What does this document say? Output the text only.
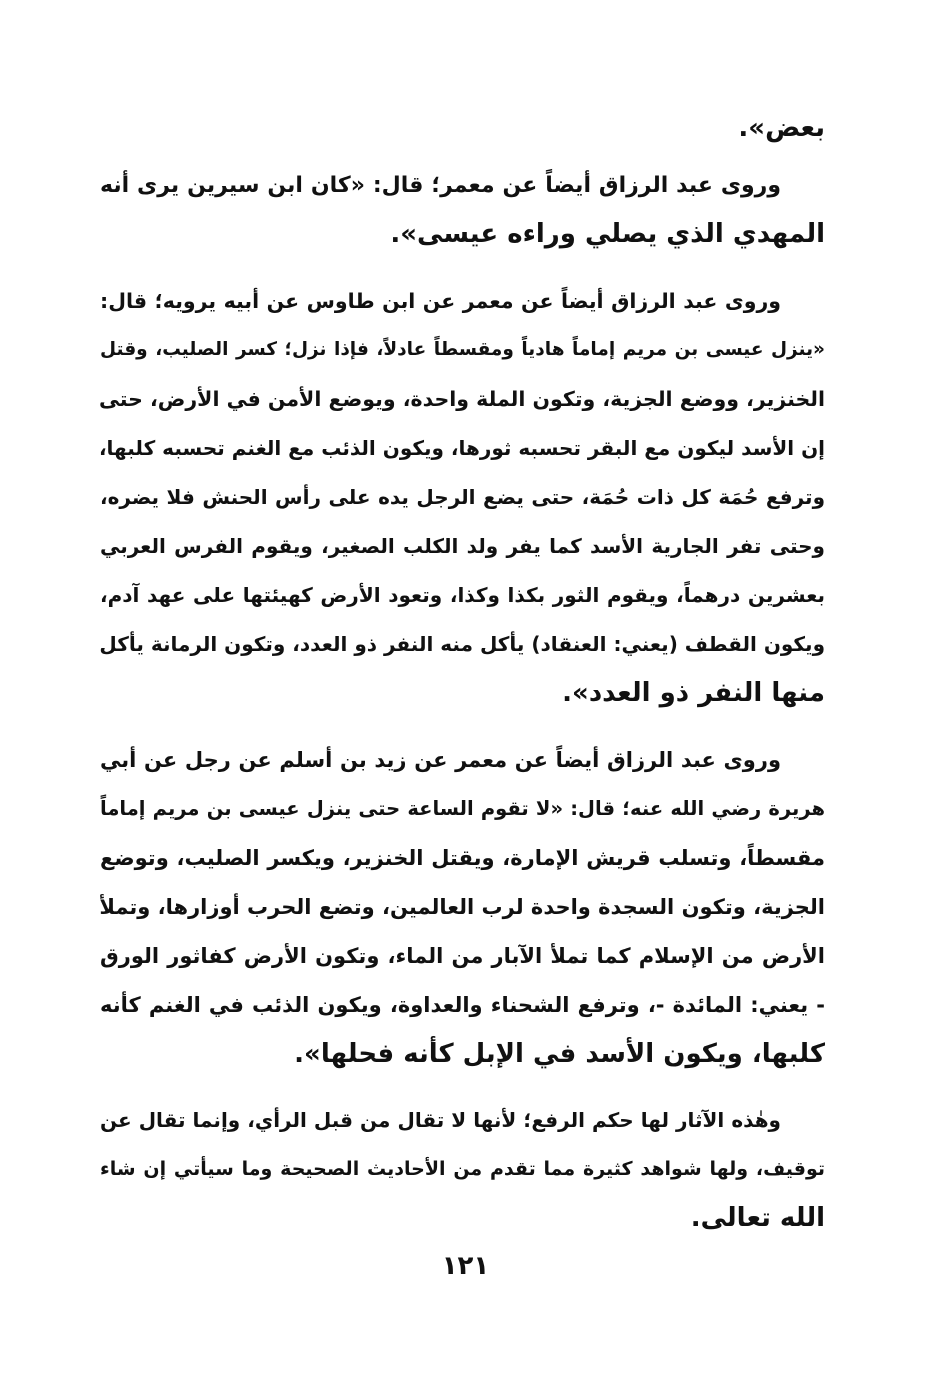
بعض».
وروى عبد الرزاق أيضاً عن معمر؛ قال: «كان ابن سيرين يرى أنه
المهدي الذي يصلي وراءه عيسى».
وروى عبد الرزاق أيضاً عن معمر عن ابن طاوس عن أبيه يرويه؛ قال:
«ينزل عيسى بن مريم إماماً هادياً ومقسطاً عادلاً، فإذا نزل؛ كسر الصليب، وقتل
الخنزير، ووضع الجزية، وتكون الملة واحدة، ويوضع الأمن في الأرض، حتى
إن الأسد ليكون مع البقر تحسبه ثورها، ويكون الذئب مع الغنم تحسبه كلبها،
وترفع حُمَة كل ذات حُمَة، حتى يضع الرجل يده على رأس الحنش فلا يضره،
وحتى تفر الجارية الأسد كما يفر ولد الكلب الصغير، ويقوم الفرس العربي
بعشرين درهماً، ويقوم الثور بكذا وكذا، وتعود الأرض كهيئتها على عهد آدم،
ويكون القطف (يعني: العنقاد) يأكل منه النفر ذو العدد، وتكون الرمانة يأكل
منها النفر ذو العدد».
وروى عبد الرزاق أيضاً عن معمر عن زيد بن أسلم عن رجل عن أبي
هريرة رضي الله عنه؛ قال: «لا تقوم الساعة حتى ينزل عيسى بن مريم إماماً
مقسطاً، وتسلب قريش الإمارة، ويقتل الخنزير، ويكسر الصليب، وتوضع
الجزية، وتكون السجدة واحدة لرب العالمين، وتضع الحرب أوزارها، وتملأ
الأرض من الإسلام كما تملأ الآبار من الماء، وتكون الأرض كفاثور الورق
- يعني: المائدة -، وترفع الشحناء والعداوة، ويكون الذئب في الغنم كأنه
كلبها، ويكون الأسد في الإبل كأنه فحلها».
وهٰذه الآثار لها حكم الرفع؛ لأنها لا تقال من قبل الرأي، وإنما تقال عن
توقيف، ولها شواهد كثيرة مما تقدم من الأحاديث الصحيحة وما سيأتي إن شاء
الله تعالى.
١٢١
